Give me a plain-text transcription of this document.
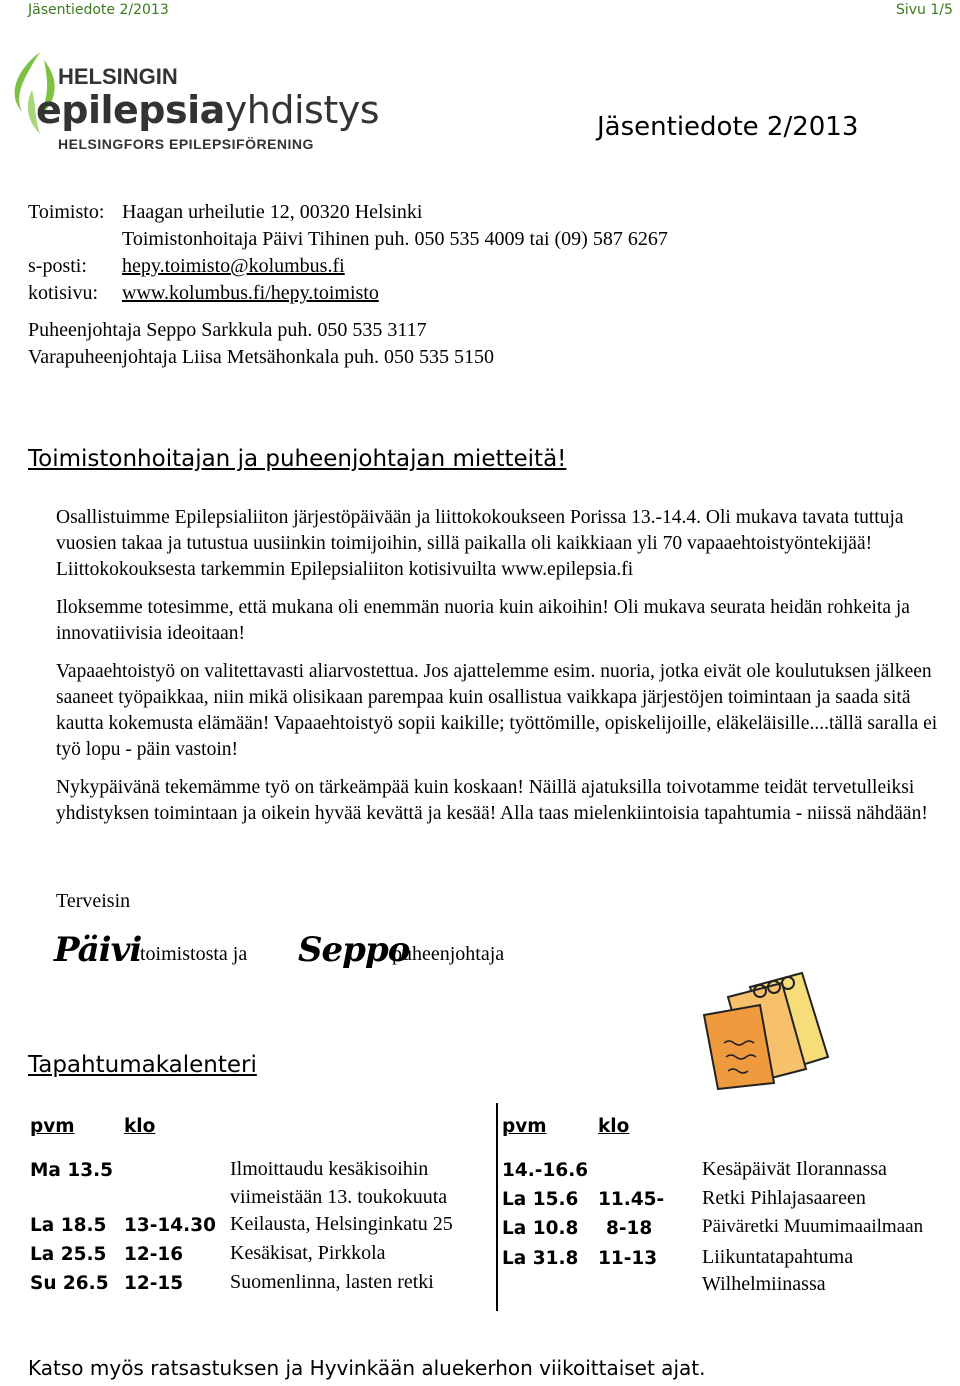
Jäsentiedote 2/2013	Sivu 1/5
HELSINGIN
epilepsiayhdistys
HELSINGFORS EPILEPSIFÖRENING
Jäsentiedote 2/2013
Toimisto: Haagan urheilutie 12, 00320 Helsinki
Toimistonhoitaja Päivi Tihinen puh. 050 535 4009 tai (09) 587 6267
s-posti: hepy.toimisto@kolumbus.fi
kotisivu: www.kolumbus.fi/hepy.toimisto
Puheenjohtaja Seppo Sarkkula puh. 050 535 3117
Varapuheenjohtaja Liisa Metsähonkala puh. 050 535 5150
Toimistonhoitajan ja puheenjohtajan mietteitä!

Osallistuimme Epilepsialiiton järjestöpäivään ja liittokokoukseen Porissa 13.-14.4. Oli mukava tavata tuttuja vuosien takaa ja tutustua uusiinkin toimijoihin, sillä paikalla oli kaikkiaan yli 70 vapaaehtoistyöntekijää! Liittokokouksesta tarkemmin Epilepsialiiton kotisivuilta www.epilepsia.fi

Iloksemme totesimme, että mukana oli enemmän nuoria kuin aikoihin! Oli mukava seurata heidän rohkeita ja innovatiivisia ideoitaan!

Vapaaehtoistyö on valitettavasti aliarvostettua. Jos ajattelemme esim. nuoria, jotka eivät ole koulutuksen jälkeen saaneet työpaikkaa, niin mikä olisikaan parempaa kuin osallistua vaikkapa järjestöjen toimintaan ja saada sitä kautta kokemusta elämään! Vapaaehtoistyö sopii kaikille; työttömille, opiskelijoille, eläkeläisille....tällä saralla ei työ lopu - päin vastoin!

Nykypäivänä tekemämme työ on tärkeämpää kuin koskaan! Näillä ajatuksilla toivotamme teidät tervetulleiksi yhdistyksen toimintaan ja oikein hyvää kevättä ja kesää! Alla taas mielenkiintoisia tapahtumia - niissä nähdään!

Terveisin
Päivi
toimistosta ja Seppo
puheenjohtaja
Tapahtumakalenteri
pvm	klo
Ma 13.5	Ilmoittaudu kesäkisoihin
viimeistään 13. toukokuuta
La 18.5 13-14.30 Keilausta, Helsinginkatu 25
La 25.5 12-16 Kesäkisat, Pirkkola
Su 26.5 12-15 Suomenlinna, lasten retki
pvm	klo
14.-16.6	Kesäpäivät Ilorannassa
La 15.6 11.45- Retki Pihlajasaareen
La 10.8 8-18	Päiväretki Muumimaailmaan
La 31.8 11-13 Liikuntatapahtuma
Wilhelmiinassa
Katso myös ratsastuksen ja Hyvinkään aluekerhon viikoittaiset ajat.
